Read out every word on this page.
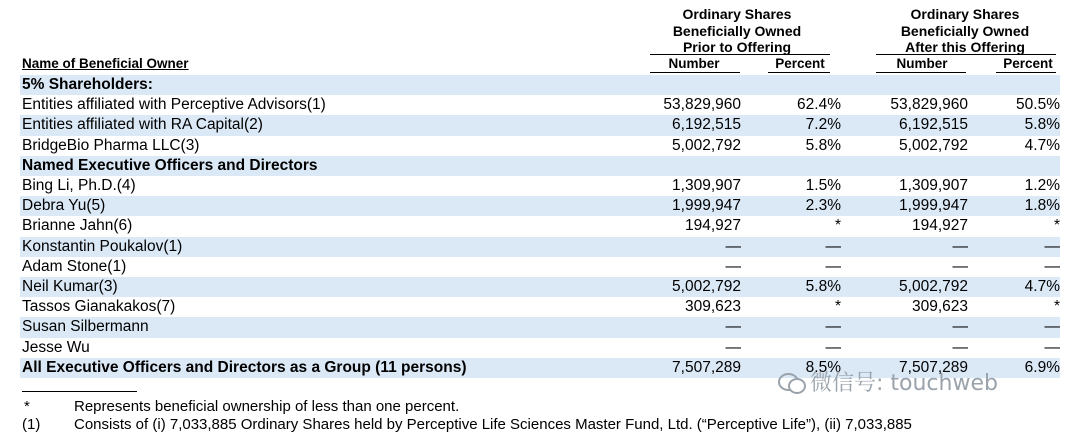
Ordinary Shares
Beneficially Owned
Prior to Offering
Ordinary Shares
Beneficially Owned
After this Offering
Name of Beneficial Owner	Number	Percent	Number	Percent
5% Shareholders:
Entities affiliated with Perceptive Advisors(1)	53,829,960	62.4%	53,829,960	50.5%
Entities affiliated with RA Capital(2)	6,192,515	7.2%	6,192,515	5.8%
BridgeBio Pharma LLC(3)	5,002,792	5.8%	5,002,792	4.7%
Named Executive Officers and Directors
Bing Li, Ph.D.(4)	1,309,907	1.5%	1,309,907	1.2%
Debra Yu(5)	1,999,947	2.3%	1,999,947	1.8%
Brianne Jahn(6)	194,927	*	194,927	*
Konstantin Poukalov(1)	—	—	—	—
Adam Stone(1)	—	—	—	—
Neil Kumar(3)	5,002,792	5.8%	5,002,792	4.7%
Tassos Gianakakos(7)	309,623	*	309,623	*
Susan Silbermann	—	—	—	—
Jesse Wu	—	—	—	—
All Executive Officers and Directors as a Group (11 persons)	7,507,289	8.5%	7,507,289	6.9%
*	Represents beneficial ownership of less than one percent.
(1) Consists of (i) 7,033,885 Ordinary Shares held by Perceptive Life Sciences Master Fund, Ltd. (“Perceptive Life”), (ii) 7,033,885
微信号: touchweb
